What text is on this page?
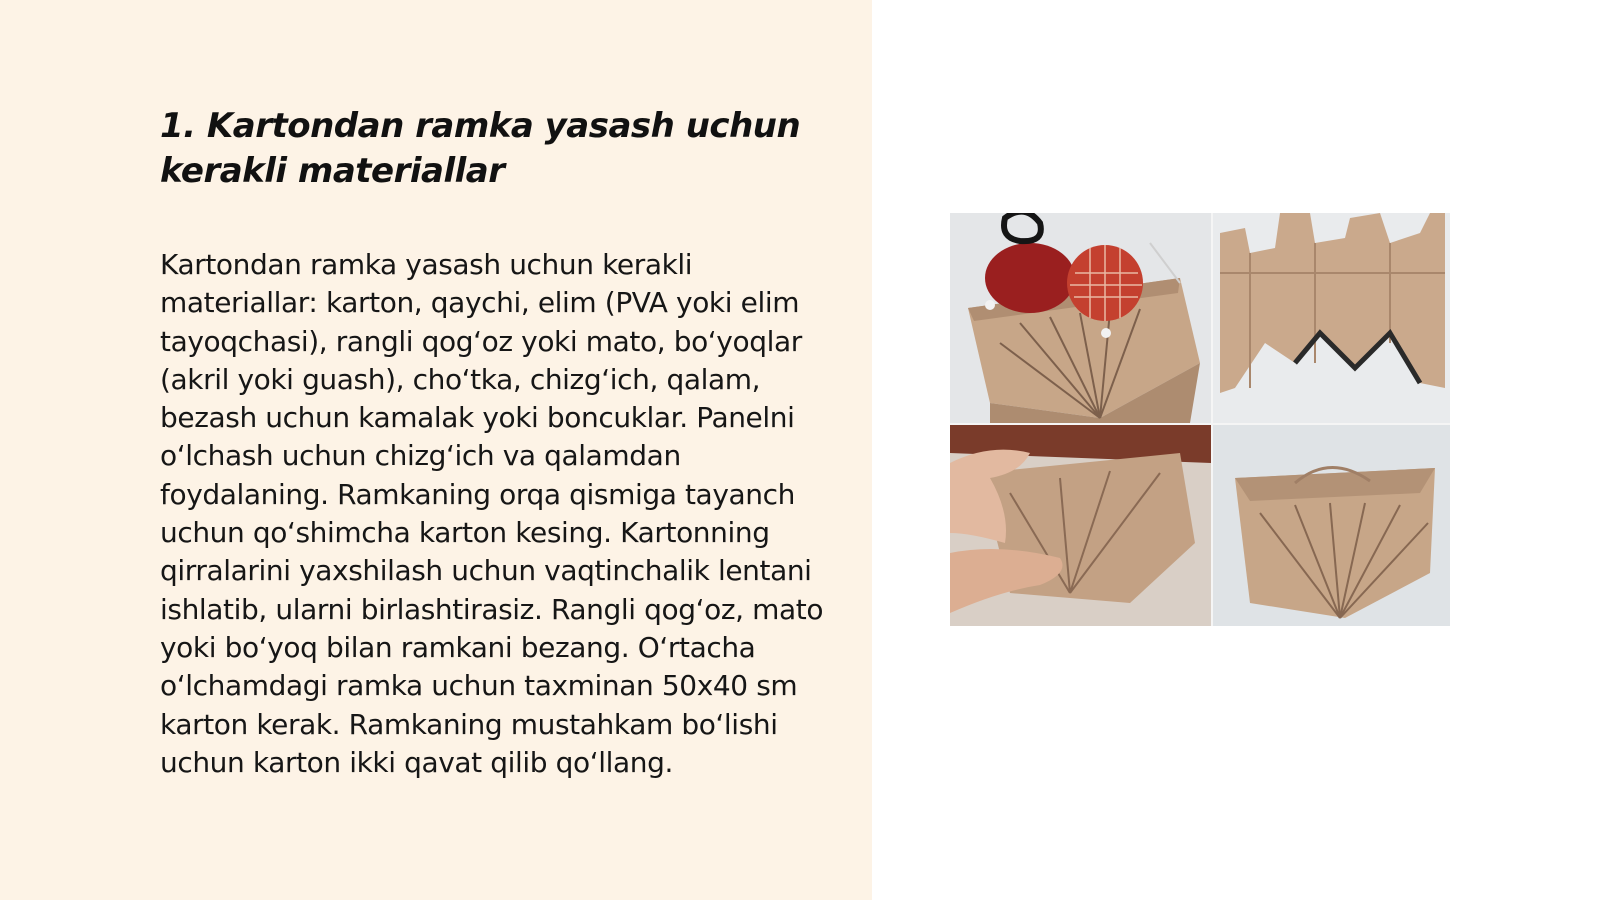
1. Kartondan ramka yasash uchun kerakli materiallar

Kartondan ramka yasash uchun kerakli materiallar: karton, qaychi, elim (PVA yoki elim tayoqchasi), rangli qog‘oz yoki mato, bo‘yoqlar (akril yoki guash), cho‘tka, chizg‘ich, qalam, bezash uchun kamalak yoki boncuklar. Panelni o‘lchash uchun chizg‘ich va qalamdan foydalaning. Ramkaning orqa qismiga tayanch uchun qo‘shimcha karton kesing. Kartonning qirralarini yaxshilash uchun vaqtinchalik lentani ishlatib, ularni birlashtirasiz. Rangli qog‘oz, mato yoki bo‘yoq bilan ramkani bezang. O‘rtacha o‘lchamdagi ramka uchun taxminan 50x40 sm karton kerak. Ramkaning mustahkam bo‘lishi uchun karton ikki qavat qilib qo‘llang.
